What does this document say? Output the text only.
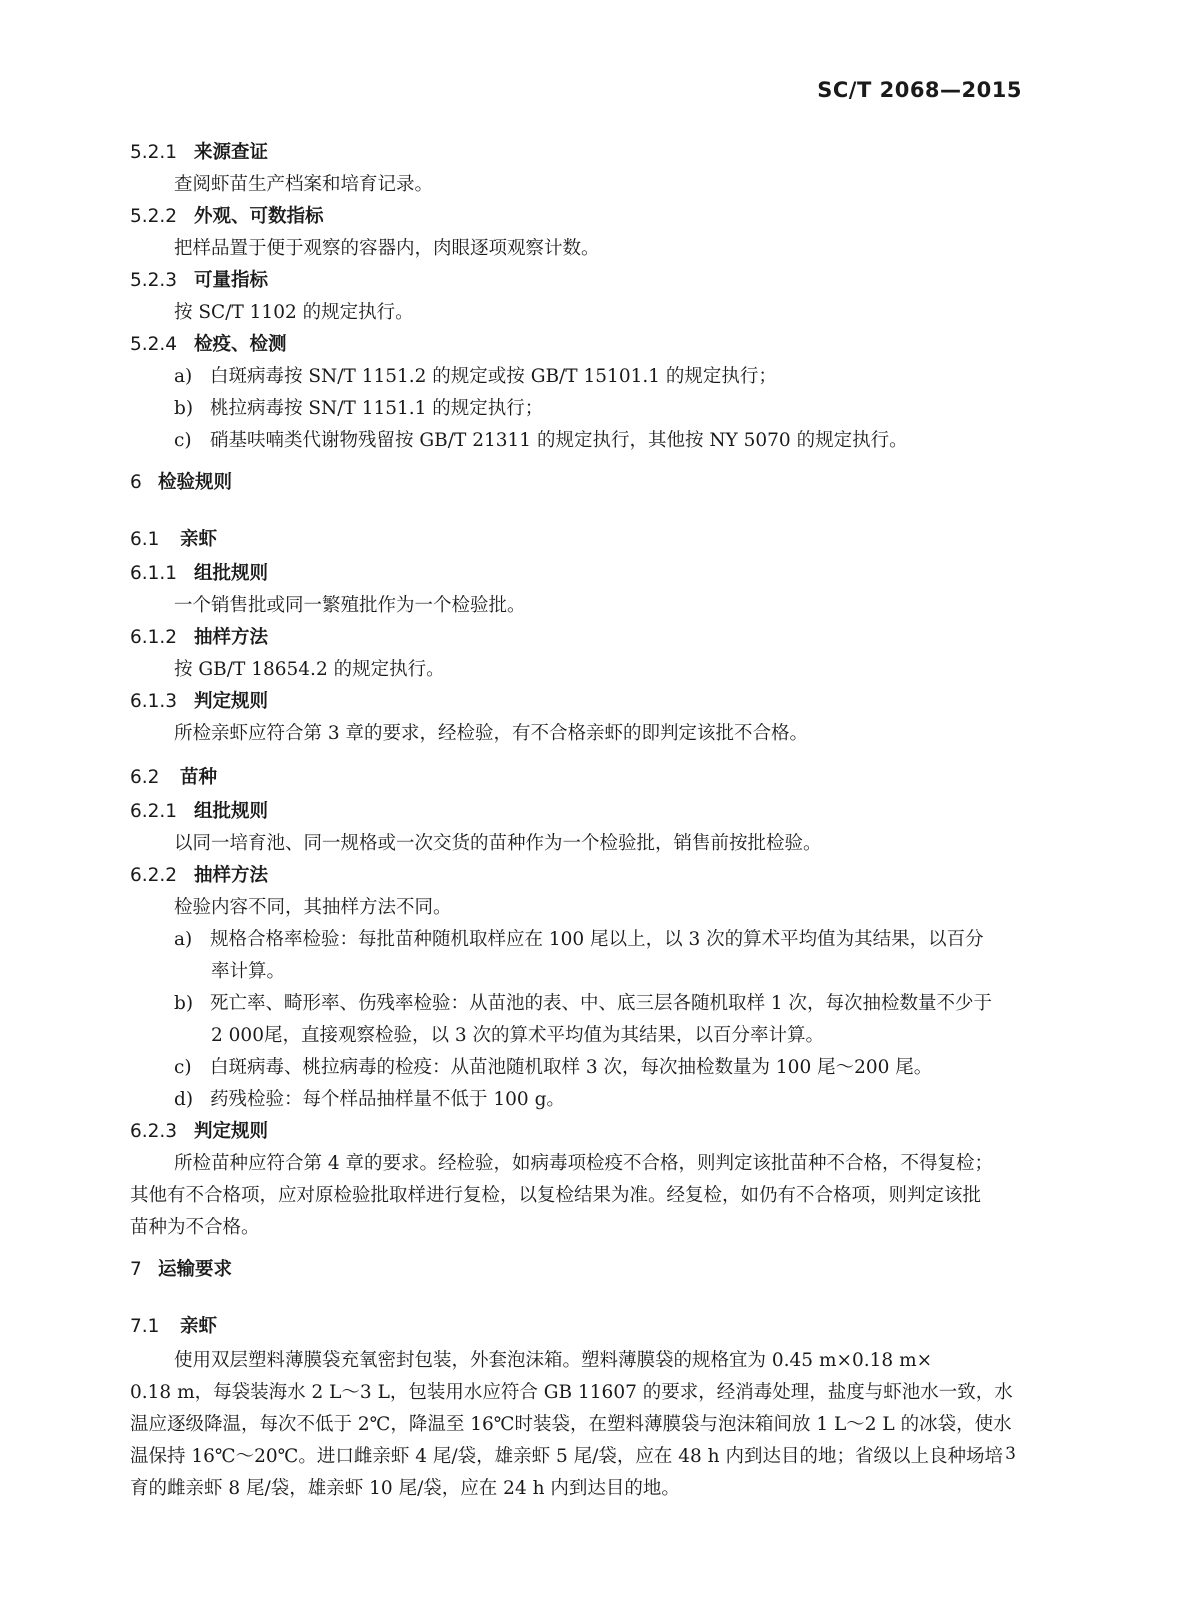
SC/T 2068—2015
5.2.1 来源查证
查阅虾苗生产档案和培育记录。
5.2.2 外观、可数指标
把样品置于便于观察的容器内，肉眼逐项观察计数。
5.2.3 可量指标
按 SC/T 1102 的规定执行。
5.2.4 检疫、检测
a) 白斑病毒按 SN/T 1151.2 的规定或按 GB/T 15101.1 的规定执行；
b) 桃拉病毒按 SN/T 1151.1 的规定执行；
c) 硝基呋喃类代谢物残留按 GB/T 21311 的规定执行，其他按 NY 5070 的规定执行。
6 检验规则
6.1 亲虾
6.1.1 组批规则
一个销售批或同一繁殖批作为一个检验批。
6.1.2 抽样方法
按 GB/T 18654.2 的规定执行。
6.1.3 判定规则
所检亲虾应符合第 3 章的要求，经检验，有不合格亲虾的即判定该批不合格。
6.2 苗种
6.2.1 组批规则
以同一培育池、同一规格或一次交货的苗种作为一个检验批，销售前按批检验。
6.2.2 抽样方法
检验内容不同，其抽样方法不同。
a) 规格合格率检验：每批苗种随机取样应在 100 尾以上，以 3 次的算术平均值为其结果，以百分
率计算。
b) 死亡率、畸形率、伤残率检验：从苗池的表、中、底三层各随机取样 1 次，每次抽检数量不少于
2 000尾，直接观察检验，以 3 次的算术平均值为其结果，以百分率计算。
c) 白斑病毒、桃拉病毒的检疫：从苗池随机取样 3 次，每次抽检数量为 100 尾～200 尾。
d) 药残检验：每个样品抽样量不低于 100 g。
6.2.3 判定规则
所检苗种应符合第 4 章的要求。经检验，如病毒项检疫不合格，则判定该批苗种不合格，不得复检；
其他有不合格项，应对原检验批取样进行复检，以复检结果为准。经复检，如仍有不合格项，则判定该批
苗种为不合格。
7 运输要求
7.1 亲虾
使用双层塑料薄膜袋充氧密封包装，外套泡沫箱。塑料薄膜袋的规格宜为 0.45 m×0.18 m×
0.18 m，每袋装海水 2 L～3 L，包装用水应符合 GB 11607 的要求，经消毒处理，盐度与虾池水一致，水
温应逐级降温，每次不低于 2℃，降温至 16℃时装袋，在塑料薄膜袋与泡沫箱间放 1 L～2 L 的冰袋，使水
温保持 16℃～20℃。进口雌亲虾 4 尾/袋，雄亲虾 5 尾/袋，应在 48 h 内到达目的地；省级以上良种场培
育的雌亲虾 8 尾/袋，雄亲虾 10 尾/袋，应在 24 h 内到达目的地。
3
